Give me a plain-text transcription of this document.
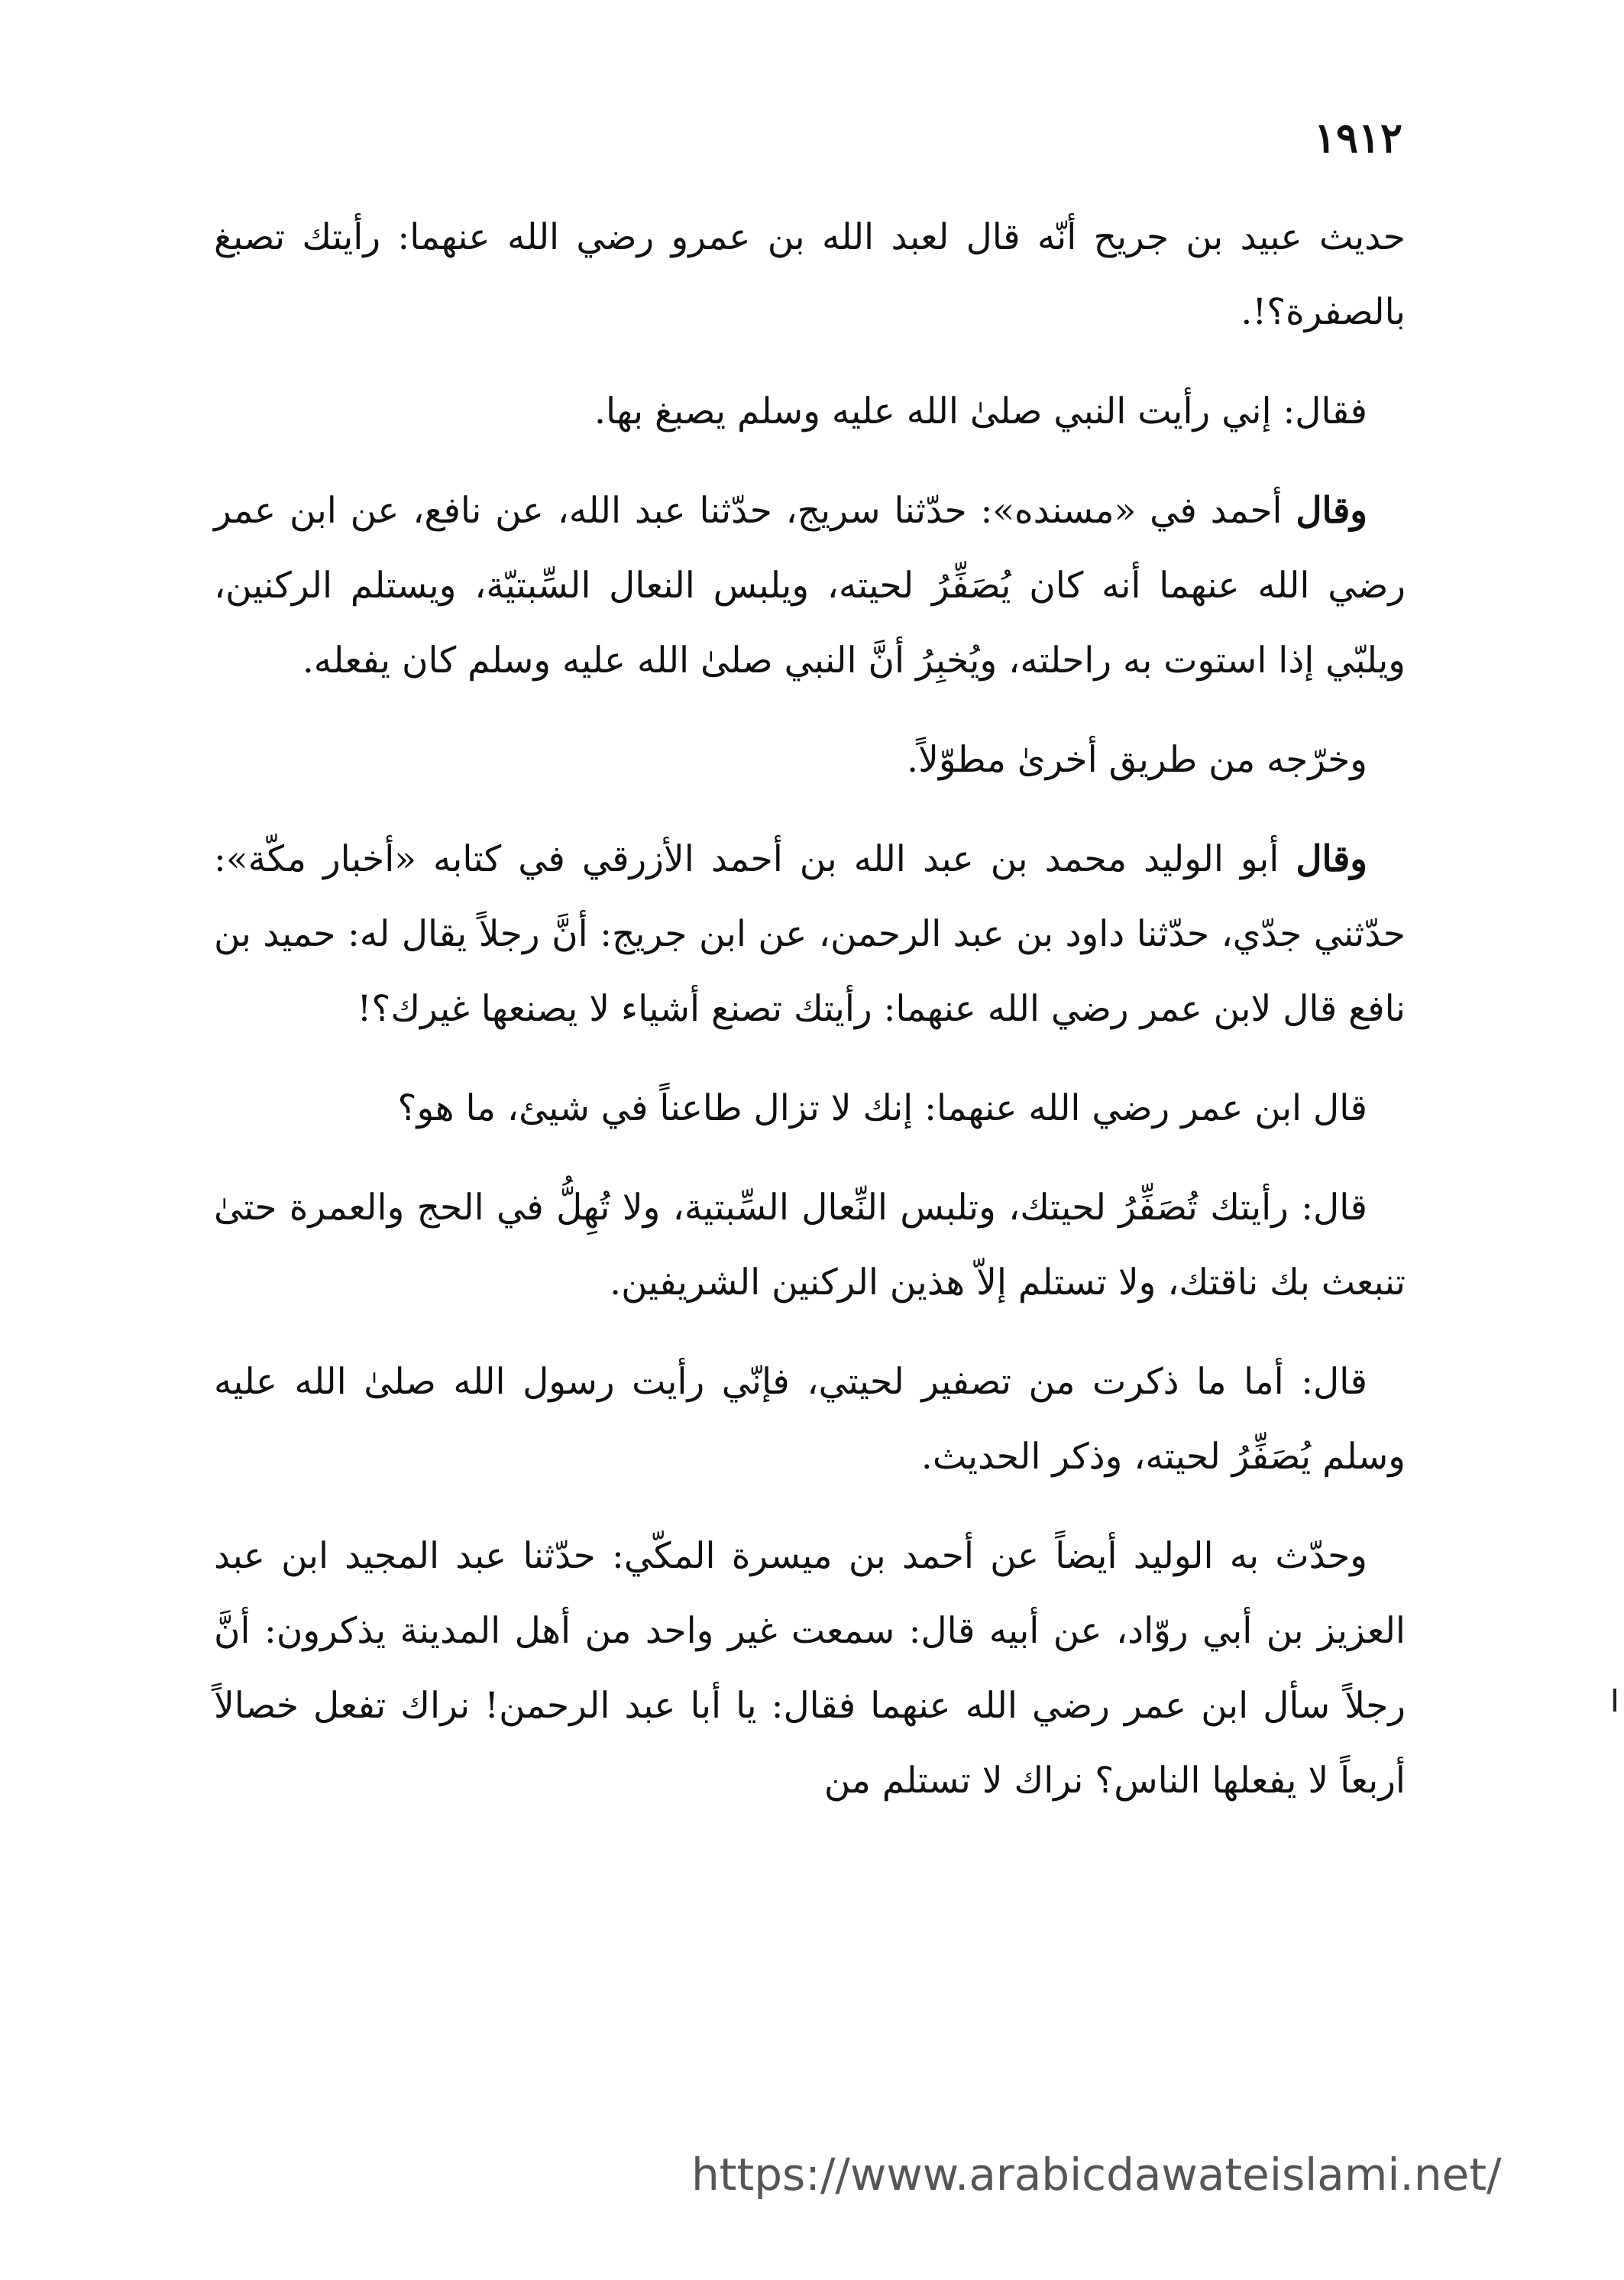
١٩١٢

حديث عبيد بن جريح أنّه قال لعبد الله بن عمرو رضي الله عنهما: رأيتك تصبغ بالصفرة؟!.

فقال: إني رأيت النبي صلىٰ الله عليه وسلم يصبغ بها.

وقال أحمد في «مسنده»: حدّثنا سريج، حدّثنا عبد الله، عن نافع، عن ابن عمر رضي الله عنهما أنه كان يُصَفِّرُ لحيته، ويلبس النعال السِّبتيّة، ويستلم الركنين، ويلبّي إذا استوت به راحلته، ويُخبِرُ أنَّ النبي صلىٰ الله عليه وسلم كان يفعله.

وخرّجه من طريق أخرىٰ مطوّلاً.

وقال أبو الوليد محمد بن عبد الله بن أحمد الأزرقي في كتابه «أخبار مكّة»: حدّثني جدّي، حدّثنا داود بن عبد الرحمن، عن ابن جريج: أنَّ رجلاً يقال له: حميد بن نافع قال لابن عمر رضي الله عنهما: رأيتك تصنع أشياء لا يصنعها غيرك؟!

قال ابن عمر رضي الله عنهما: إنك لا تزال طاعناً في شيئ، ما هو؟

قال: رأيتك تُصَفِّرُ لحيتك، وتلبس النِّعال السِّبتية، ولا تُهِلُّ في الحج والعمرة حتىٰ تنبعث بك ناقتك، ولا تستلم إلاّ هذين الركنين الشريفين.

قال: أما ما ذكرت من تصفير لحيتي، فإنّي رأيت رسول الله صلىٰ الله عليه وسلم يُصَفِّرُ لحيته، وذكر الحديث.

وحدّث به الوليد أيضاً عن أحمد بن ميسرة المكّي: حدّثنا عبد المجيد ابن عبد العزيز بن أبي روّاد، عن أبيه قال: سمعت غير واحد من أهل المدينة يذكرون: أنَّ رجلاً سأل ابن عمر رضي الله عنهما فقال: يا أبا عبد الرحمن! نراك تفعل خصالاً أربعاً لا يفعلها الناس؟ نراك لا تستلم من

https://www.arabicdawateislami.net/
